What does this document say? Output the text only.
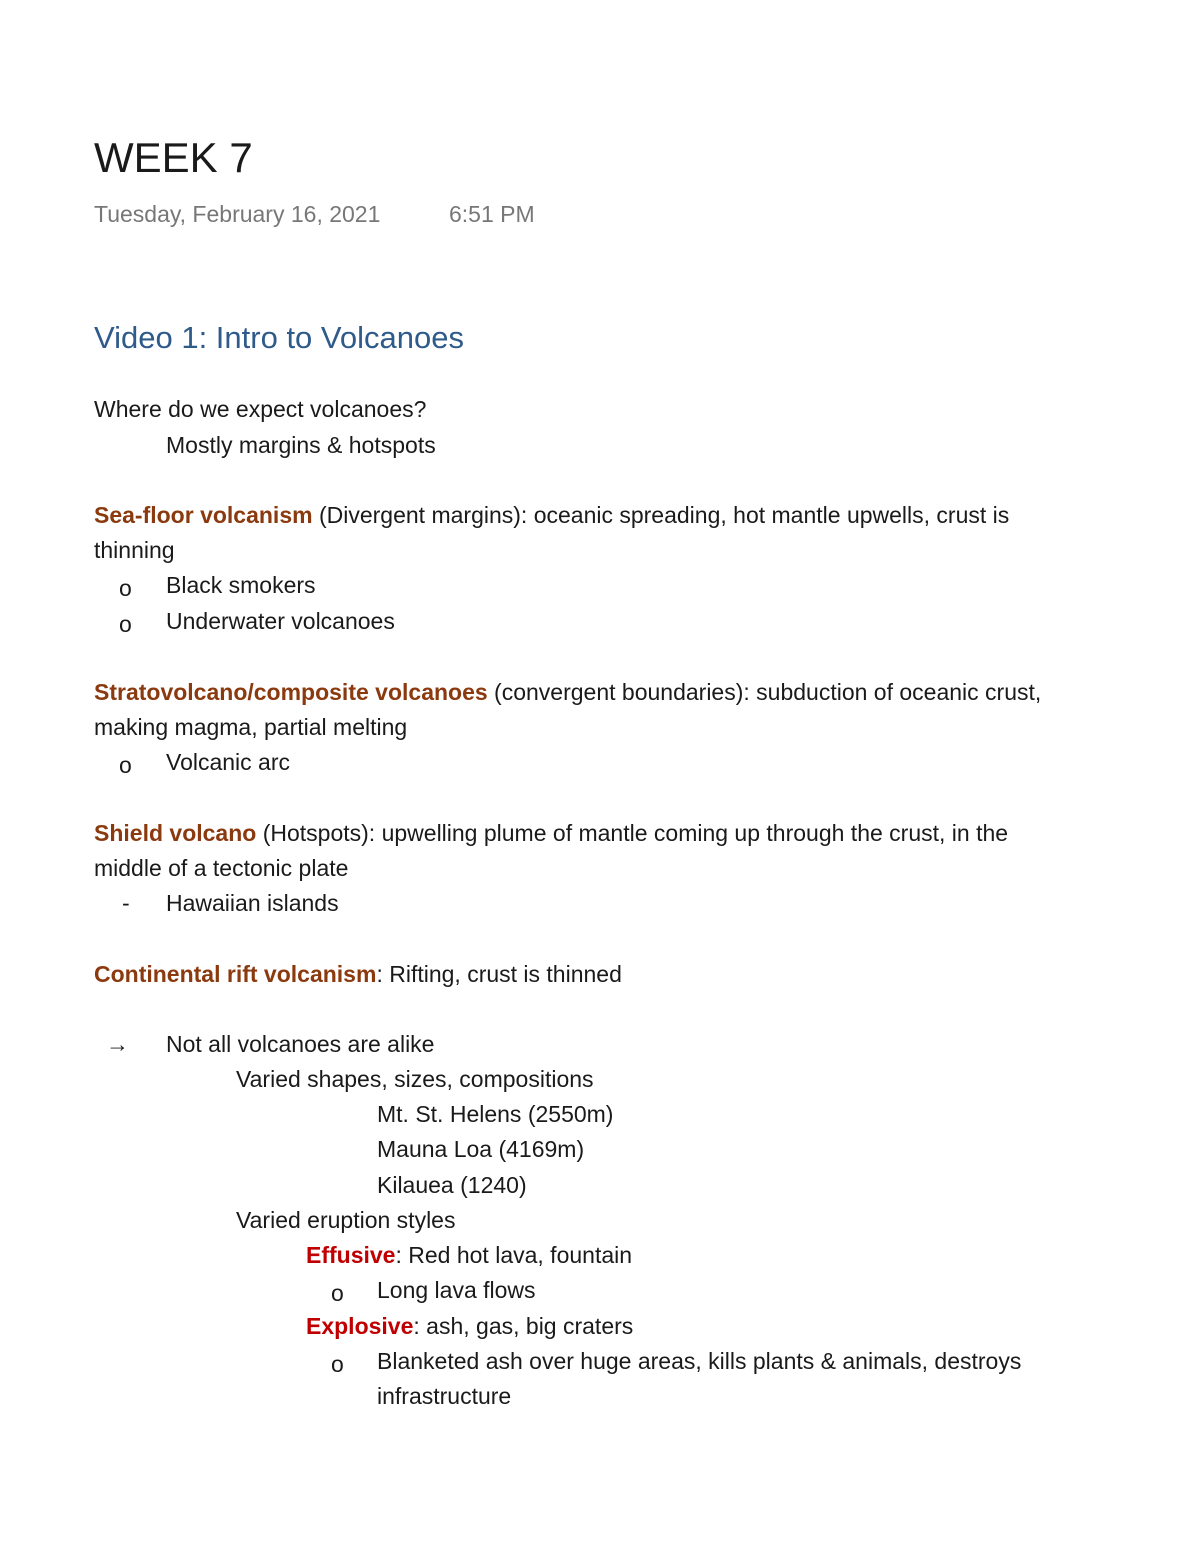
WEEK 7
Tuesday, February 16, 2021	6:51 PM
Video 1: Intro to Volcanoes
Where do we expect volcanoes?
Mostly margins & hotspots
Sea-floor volcanism (Divergent margins): oceanic spreading, hot mantle upwells, crust is
thinning
o Black smokers
o Underwater volcanoes
Stratovolcano/composite volcanoes (convergent boundaries): subduction of oceanic crust,
making magma, partial melting
o Volcanic arc
Shield volcano (Hotspots): upwelling plume of mantle coming up through the crust, in the
middle of a tectonic plate
- Hawaiian islands
Continental rift volcanism: Rifting, crust is thinned
→ Not all volcanoes are alike
Varied shapes, sizes, compositions
Mt. St. Helens (2550m)
Mauna Loa (4169m)
Kilauea (1240)
Varied eruption styles
Effusive: Red hot lava, fountain
o Long lava flows
Explosive: ash, gas, big craters
o Blanketed ash over huge areas, kills plants & animals, destroys
infrastructure
